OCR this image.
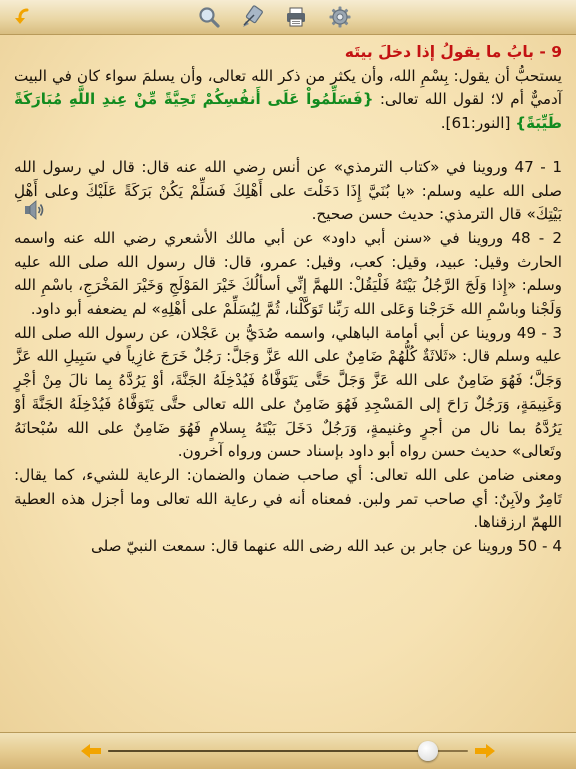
9 - بابُ ما يقولُ إذا دخلَ بيتَه

يستحبُّ أن يقول: بِسْمِ الله، وأن يكثر من ذكر الله تعالى، وأن يسلمَ سواء كان في البيت آدميٌّ أم لا؛ لقول الله تعالى: {فَسَلِّمُواْ عَلَى أَنفُسِكُمْ تَحِيَّةً مِّنْ عِندِ اللَّهِ مُبَارَكَةً طَيِّبَةً} [النور:61].

1 - 47 وروينا في «كتاب الترمذي» عن أنس رضي الله عنه قال: قال لي رسول الله صلى الله عليه وسلم: «يا بُنَيَّ إِذَا دَخَلْتَ على أَهْلِكَ فَسَلِّمْ يَكُنْ بَرَكَةً عَلَيْكَ وعلى أَهْلِ بَيْتِكَ» قال الترمذي: حديث حسن صحيح.

2 - 48 وروينا في «سنن أبي داود» عن أبي مالك الأشعري رضي الله عنه واسمه الحارث وقيل: عبيد، وقيل: كعب، وقيل: عمرو، قال: قال رسول الله صلى الله عليه وسلم: «إِذا وَلَجَ الرَّجُلُ بَيْتَهُ فَلْيَقُلْ: اللهمَّ إنِّي أسألُكَ خَيْرَ المَوْلَجِ وَخَيْرَ المَخْرَجِ، باسْمِ الله وَلَجْنا وباسْمِ الله خَرَجْنا وَعَلى الله رَبِّنا تَوَكَّلْنا، ثُمَّ لِيُسَلِّمْ على أهْلِهِ» لم يضعفه أبو داود.

3 - 49 وروينا عن أبي أمامة الباهلي، واسمه صُدَيُّ بن عَجْلان، عن رسول الله صلى الله عليه وسلم قال: «ثَلاثَةٌ كُلُّهُمْ ضَامِنٌ على الله عَزَّ وَجَلَّ: رَجُلٌ خَرَجَ غازِياً في سَبِيلِ الله عَزَّ وَجَلَّ؛ فَهُوَ ضَامِنٌ على الله عَزَّ وَجَلَّ حَتَّى يَتَوَفَّاهُ فَيُدْخِلَهُ الجَنَّةَ، أوْ يَرُدَّهُ بِما نالَ مِنْ أجْرٍ وَغَنِيمَةٍ، وَرَجُلٌ رَاحَ إلى المَسْجِدِ فَهُوَ ضَامِنٌ على الله تعالى حتَّى يَتَوَفَّاهُ فَيُدْخِلَهُ الجَنَّةَ أوْ يَرُدَّهُ بما نال من أجرٍ وغنيمةٍ، وَرَجُلٌ دَخَلَ بَيْتَهُ بِسلامٍ فَهُوَ ضَامِنٌ على الله سُبْحانَهُ وتَعالى» حديث حسن رواه أبو داود بإسناد حسن ورواه آخرون.

ومعنى ضامن على الله تعالى: أي صاحب ضمان والضمان: الرعاية للشيء، كما يقال: تَامِرٌ ولاَبِنٌ: أي صاحب تمر ولبن. فمعناه أنه في رعاية الله تعالى وما أجزل هذه العطية اللهمّ ارزقناها.

4 - 50 وروينا عن جابر بن عبد الله رضى الله عنهما قال: سمعت النبيّ صلى
